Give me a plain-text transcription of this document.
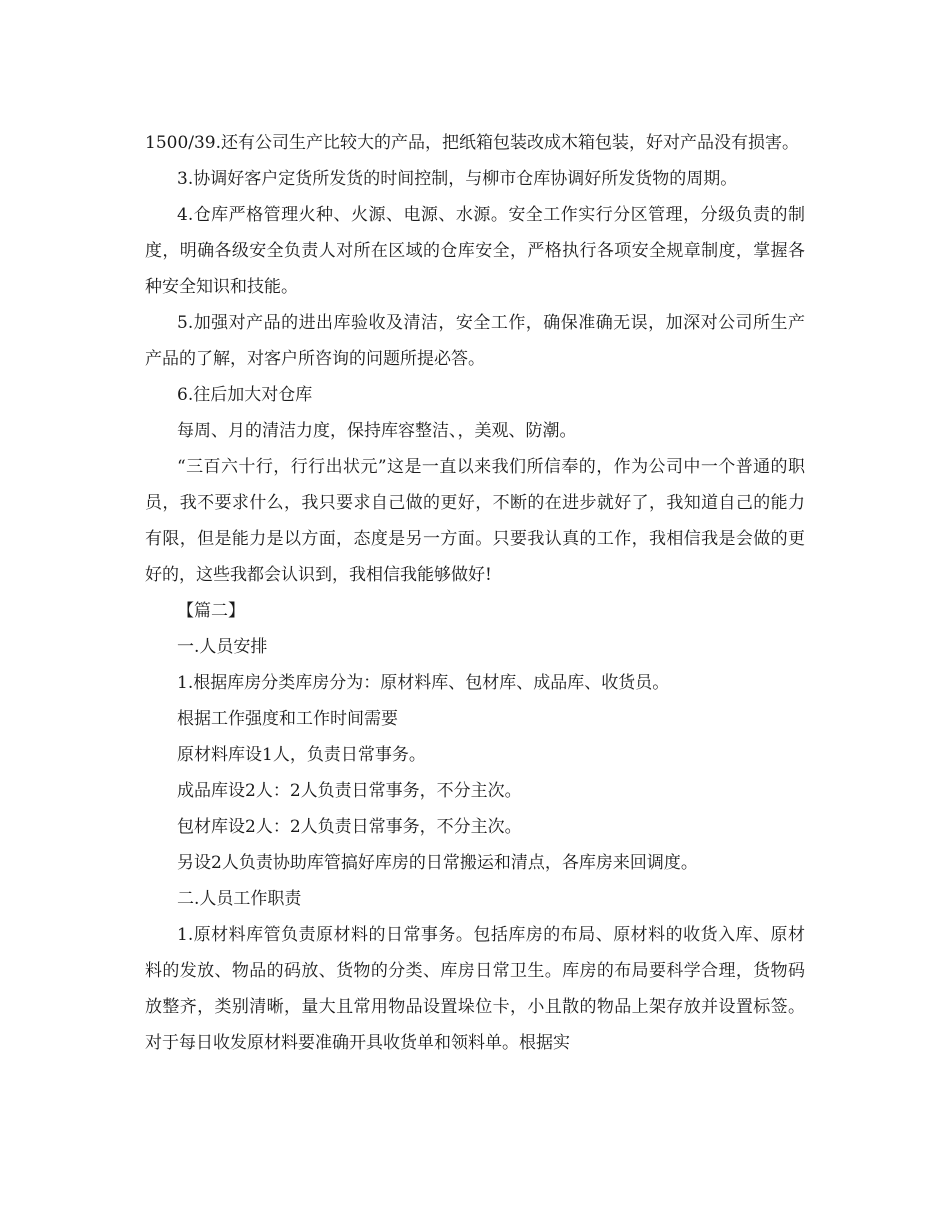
1500/39.还有公司生产比较大的产品，把纸箱包装改成木箱包装，好对产品没有损害。

3.协调好客户定货所发货的时间控制，与柳市仓库协调好所发货物的周期。

4.仓库严格管理火种、火源、电源、水源。安全工作实行分区管理，分级负责的制度，明确各级安全负责人对所在区域的仓库安全，严格执行各项安全规章制度，掌握各种安全知识和技能。

5.加强对产品的进出库验收及清洁，安全工作，确保准确无误，加深对公司所生产产品的了解，对客户所咨询的问题所提必答。

6.往后加大对仓库

每周、月的清洁力度，保持库容整洁、，美观、防潮。

“三百六十行，行行出状元”这是一直以来我们所信奉的，作为公司中一个普通的职员，我不要求什么，我只要求自己做的更好，不断的在进步就好了，我知道自己的能力有限，但是能力是以方面，态度是另一方面。只要我认真的工作，我相信我是会做的更好的，这些我都会认识到，我相信我能够做好!

【篇二】

一.人员安排

1.根据库房分类库房分为：原材料库、包材库、成品库、收货员。

根据工作强度和工作时间需要

原材料库设1人，负责日常事务。

成品库设2人：2人负责日常事务，不分主次。

包材库设2人：2人负责日常事务，不分主次。

另设2人负责协助库管搞好库房的日常搬运和清点，各库房来回调度。

二.人员工作职责

1.原材料库管负责原材料的日常事务。包括库房的布局、原材料的收货入库、原材料的发放、物品的码放、货物的分类、库房日常卫生。库房的布局要科学合理，货物码放整齐，类别清晰，量大且常用物品设置垛位卡，小且散的物品上架存放并设置标签。对于每日收发原材料要准确开具收货单和领料单。根据实
